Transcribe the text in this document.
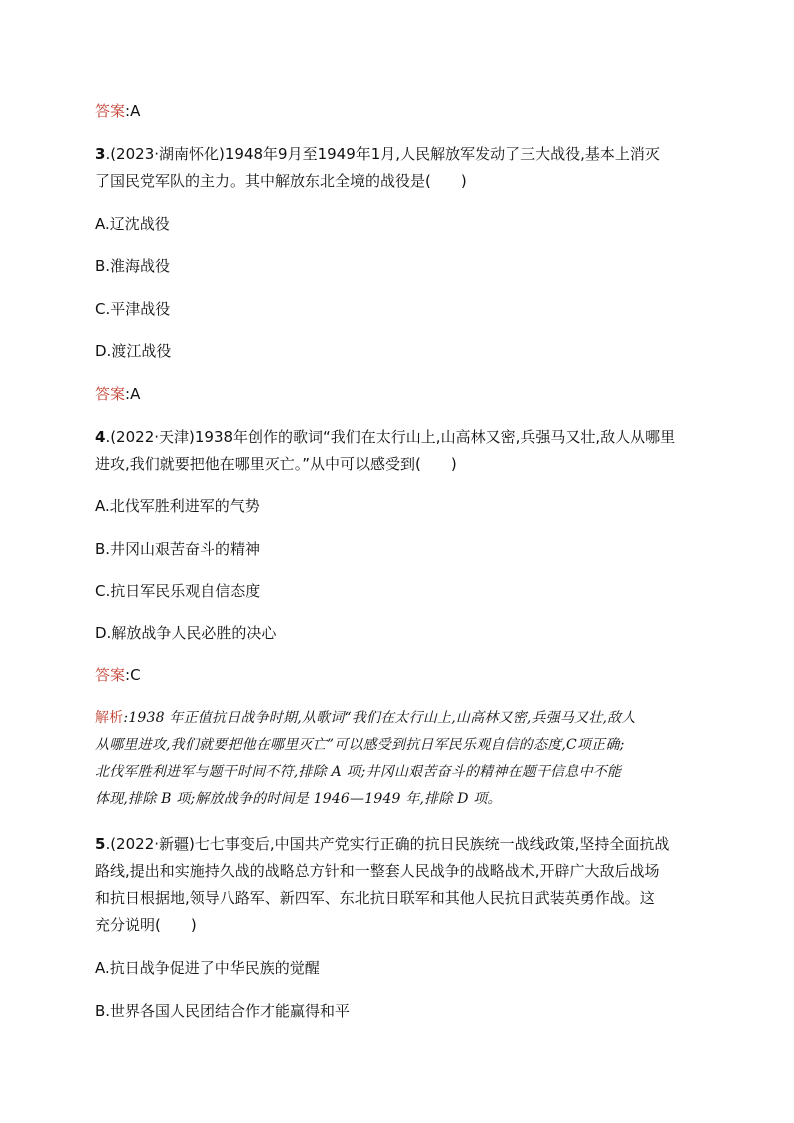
答案:A
3.(2023·湖南怀化)1948年9月至1949年1月,人民解放军发动了三大战役,基本上消灭
了国民党军队的主力。其中解放东北全境的战役是(　　)
A.辽沈战役
B.淮海战役
C.平津战役
D.渡江战役
答案:A
4.(2022·天津)1938年创作的歌词“我们在太行山上,山高林又密,兵强马又壮,敌人从哪里
进攻,我们就要把他在哪里灭亡。”从中可以感受到(　　)
A.北伐军胜利进军的气势
B.井冈山艰苦奋斗的精神
C.抗日军民乐观自信态度
D.解放战争人民必胜的决心
答案:C
解析:1938 年正值抗日战争时期,从歌词“我们在太行山上,山高林又密,兵强马又壮,敌人
从哪里进攻,我们就要把他在哪里灭亡”可以感受到抗日军民乐观自信的态度,C项正确;
北伐军胜利进军与题干时间不符,排除 A 项;井冈山艰苦奋斗的精神在题干信息中不能
体现,排除 B 项;解放战争的时间是 1946—1949 年,排除 D 项。
5.(2022·新疆)七七事变后,中国共产党实行正确的抗日民族统一战线政策,坚持全面抗战
路线,提出和实施持久战的战略总方针和一整套人民战争的战略战术,开辟广大敌后战场
和抗日根据地,领导八路军、新四军、东北抗日联军和其他人民抗日武装英勇作战。这
充分说明(　　)
A.抗日战争促进了中华民族的觉醒
B.世界各国人民团结合作才能赢得和平
